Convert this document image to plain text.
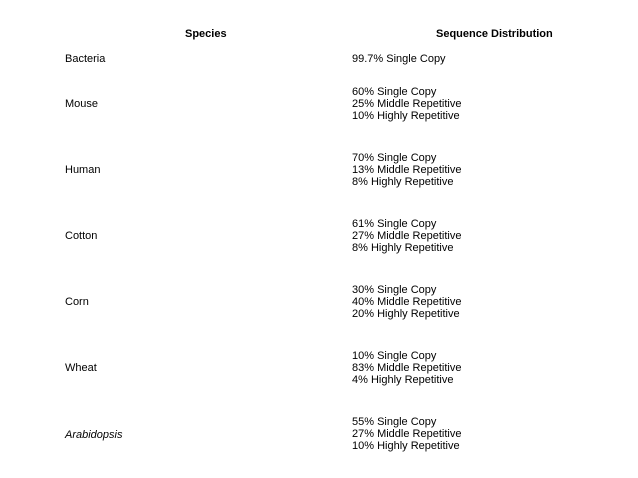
Species	Sequence Distribution
Bacteria	99.7% Single Copy
Mouse
60% Single Copy
25% Middle Repetitive
10% Highly Repetitive
Human
70% Single Copy
13% Middle Repetitive
8% Highly Repetitive
Cotton
61% Single Copy
27% Middle Repetitive
8% Highly Repetitive
Corn
30% Single Copy
40% Middle Repetitive
20% Highly Repetitive
Wheat
10% Single Copy
83% Middle Repetitive
4% Highly Repetitive
Arabidopsis
55% Single Copy
27% Middle Repetitive
10% Highly Repetitive
